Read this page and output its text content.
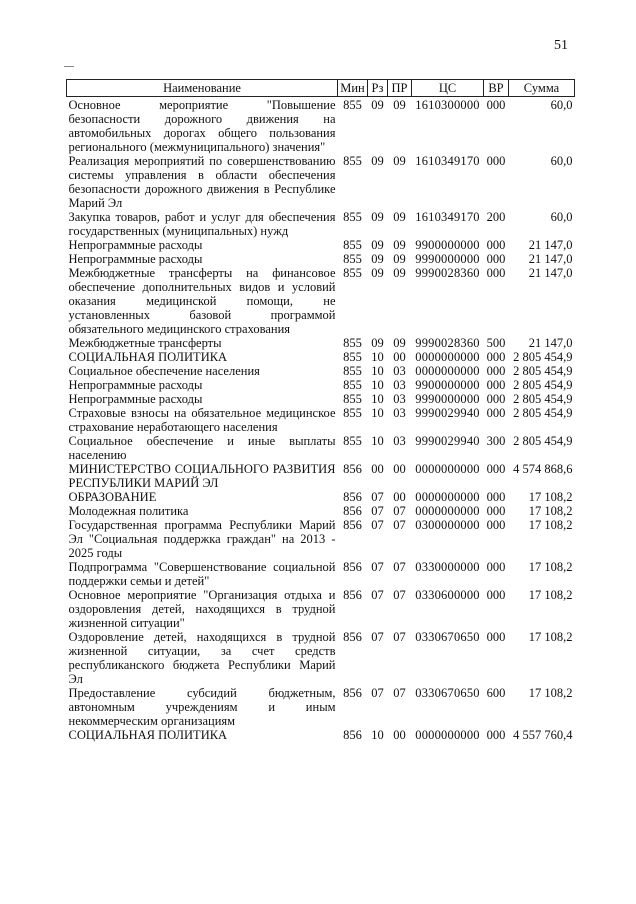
51
Наименование	Мин	Рз	ПР	ЦС	ВР	Сумма
Основное мероприятие "Повышение безопасности дорожного движения на автомобильных дорогах общего пользования регионального (межмуниципального) значения"	855	09	09	1610300000	000	60,0
Реализация мероприятий по совершенствованию системы управления в области обеспечения безопасности дорожного движения в Республике Марий Эл	855	09	09	1610349170	000	60,0
Закупка товаров, работ и услуг для обеспечения государственных (муниципальных) нужд	855	09	09	1610349170	200	60,0
Непрограммные расходы	855	09	09	9900000000	000	21 147,0
Непрограммные расходы	855	09	09	9990000000	000	21 147,0
Межбюджетные трансферты на финансовое обеспечение дополнительных видов и условий оказания медицинской помощи, не установленных базовой программой обязательного медицинского страхования	855	09	09	9990028360	000	21 147,0
Межбюджетные трансферты	855	09	09	9990028360	500	21 147,0
СОЦИАЛЬНАЯ ПОЛИТИКА	855	10	00	0000000000	000	2 805 454,9
Социальное обеспечение населения	855	10	03	0000000000	000	2 805 454,9
Непрограммные расходы	855	10	03	9900000000	000	2 805 454,9
Непрограммные расходы	855	10	03	9990000000	000	2 805 454,9
Страховые взносы на обязательное медицинское страхование неработающего населения	855	10	03	9990029940	000	2 805 454,9
Социальное обеспечение и иные выплаты населению	855	10	03	9990029940	300	2 805 454,9
МИНИСТЕРСТВО СОЦИАЛЬНОГО РАЗВИТИЯ РЕСПУБЛИКИ МАРИЙ ЭЛ	856	00	00	0000000000	000	4 574 868,6
ОБРАЗОВАНИЕ	856	07	00	0000000000	000	17 108,2
Молодежная политика	856	07	07	0000000000	000	17 108,2
Государственная программа Республики Марий Эл "Социальная поддержка граждан" на 2013 - 2025 годы	856	07	07	0300000000	000	17 108,2
Подпрограмма "Совершенствование социальной поддержки семьи и детей"	856	07	07	0330000000	000	17 108,2
Основное мероприятие "Организация отдыха и оздоровления детей, находящихся в трудной жизненной ситуации"	856	07	07	0330600000	000	17 108,2
Оздоровление детей, находящихся в трудной жизненной ситуации, за счет средств республиканского бюджета Республики Марий Эл	856	07	07	0330670650	000	17 108,2
Предоставление субсидий бюджетным, автономным учреждениям и иным некоммерческим организациям	856	07	07	0330670650	600	17 108,2
СОЦИАЛЬНАЯ ПОЛИТИКА	856	10	00	0000000000	000	4 557 760,4
